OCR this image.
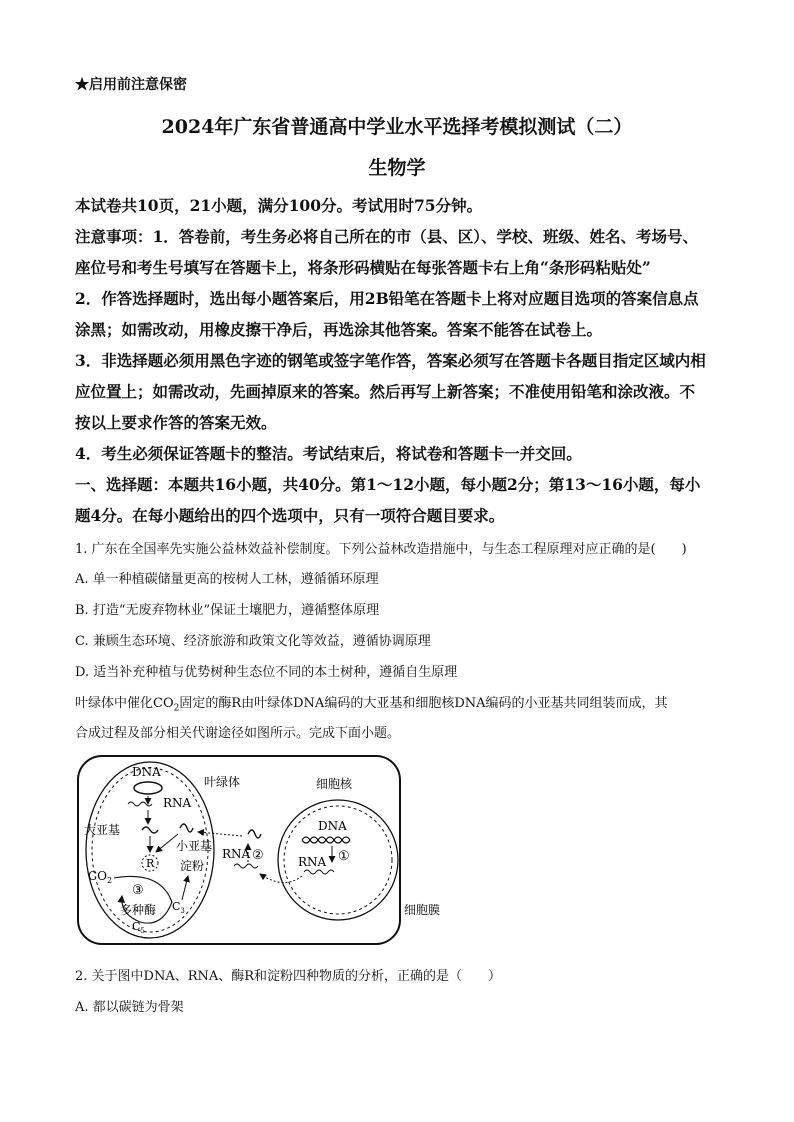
★启用前注意保密
2024年广东省普通高中学业水平选择考模拟测试（二）
生物学
本试卷共10页，21小题，满分100分。考试用时75分钟。
注意事项：1．答卷前，考生务必将自己所在的市（县、区）、学校、班级、姓名、考场号、
座位号和考生号填写在答题卡上，将条形码横贴在每张答题卡右上角“条形码粘贴处”
2．作答选择题时，选出每小题答案后，用2B铅笔在答题卡上将对应题目选项的答案信息点
涂黑；如需改动，用橡皮擦干净后，再选涂其他答案。答案不能答在试卷上。
3．非选择题必须用黑色字迹的钢笔或签字笔作答，答案必须写在答题卡各题目指定区域内相
应位置上；如需改动，先画掉原来的答案。然后再写上新答案；不准使用铅笔和涂改液。不
按以上要求作答的答案无效。
4．考生必须保证答题卡的整洁。考试结束后，将试卷和答题卡一并交回。
一、选择题：本题共16小题，共40分。第1～12小题，每小题2分；第13～16小题，每小
题4分。在每小题给出的四个选项中，只有一项符合题目要求。
1. 广东在全国率先实施公益林效益补偿制度。下列公益林改造措施中，与生态工程原理对应正确的是(　　)
A. 单一种植碳储量更高的桉树人工林，遵循循环原理
B. 打造“无废弃物林业”保证土壤肥力，遵循整体原理
C. 兼顾生态环境、经济旅游和政策文化等效益，遵循协调原理
D. 适当补充种植与优势树种生态位不同的本土树种，遵循自生原理
叶绿体中催化$CO_2$固定的酶R由叶绿体DNA编码的大亚基和细胞核DNA编码的小亚基共同组装而成，其
合成过程及部分相关代谢途径如图所示。完成下面小题。
DNA
RNA
大亚基
小亚基
R 淀粉
$CO_2$
③
$C_3$
多种酶
$C_5$
叶绿体	细胞核
DNA
①
RNA
RNA ②
细胞膜
2. 关于图中DNA、RNA、酶R和淀粉四种物质的分析，正确的是（　　）
A. 都以碳链为骨架
